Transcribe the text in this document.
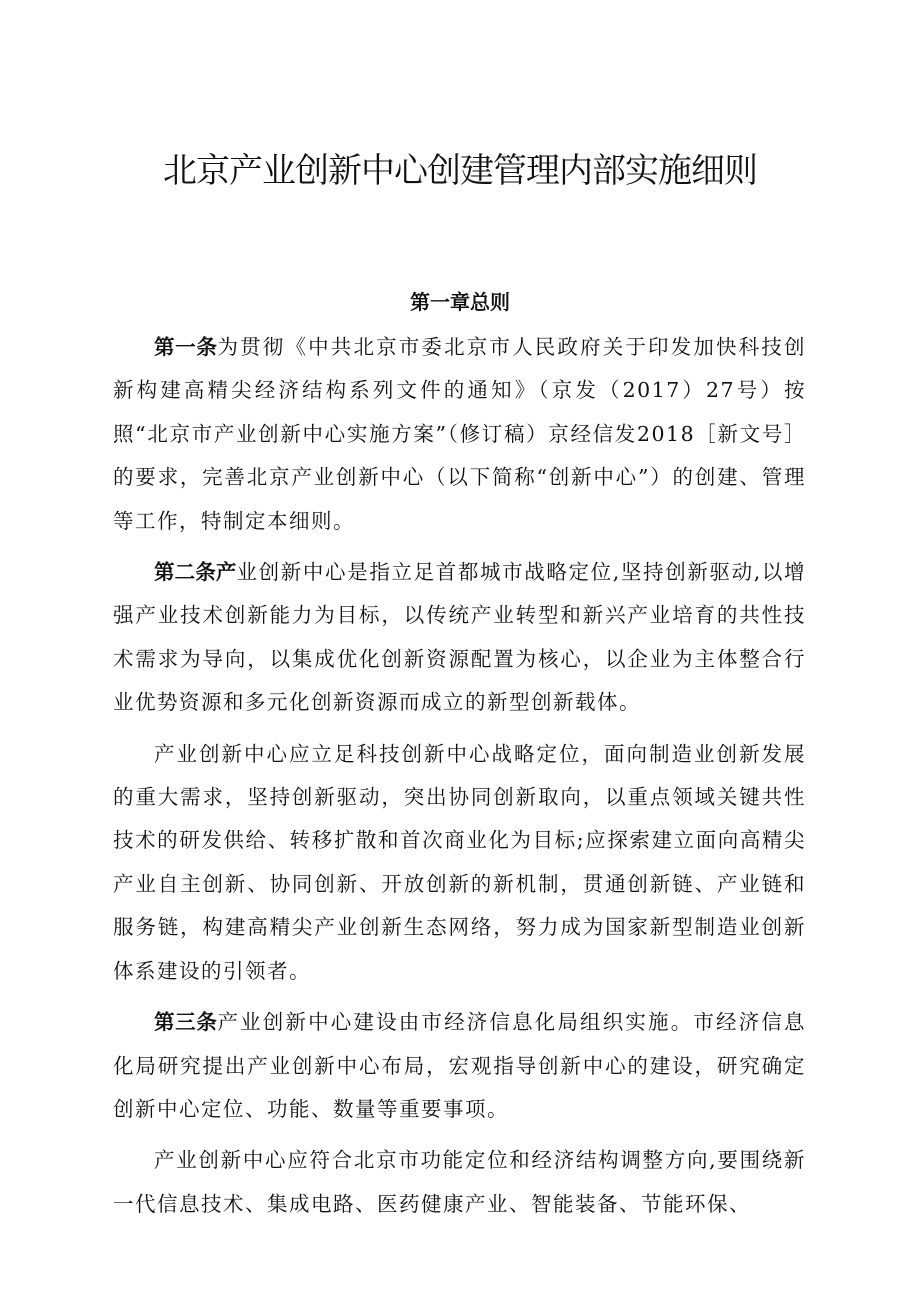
北京产业创新中心创建管理内部实施细则
第一章总则

第一条为贯彻《中共北京市委北京市人民政府关于印发加快科技创新构建高精尖经济结构系列文件的通知》（京发（2017）27号）按照“北京市产业创新中心实施方案”（修订稿）京经信发2018［新文号］的要求，完善北京产业创新中心（以下简称“创新中心”）的创建、管理等工作，特制定本细则。

第二条产业创新中心是指立足首都城市战略定位,坚持创新驱动,以增强产业技术创新能力为目标，以传统产业转型和新兴产业培育的共性技术需求为导向，以集成优化创新资源配置为核心，以企业为主体整合行业优势资源和多元化创新资源而成立的新型创新载体。

产业创新中心应立足科技创新中心战略定位，面向制造业创新发展的重大需求，坚持创新驱动，突出协同创新取向，以重点领域关键共性技术的研发供给、转移扩散和首次商业化为目标;应探索建立面向高精尖产业自主创新、协同创新、开放创新的新机制，贯通创新链、产业链和服务链，构建高精尖产业创新生态网络，努力成为国家新型制造业创新体系建设的引领者。

第三条产业创新中心建设由市经济信息化局组织实施。市经济信息化局研究提出产业创新中心布局，宏观指导创新中心的建设，研究确定创新中心定位、功能、数量等重要事项。

产业创新中心应符合北京市功能定位和经济结构调整方向,要围绕新一代信息技术、集成电路、医药健康产业、智能装备、节能环保、
